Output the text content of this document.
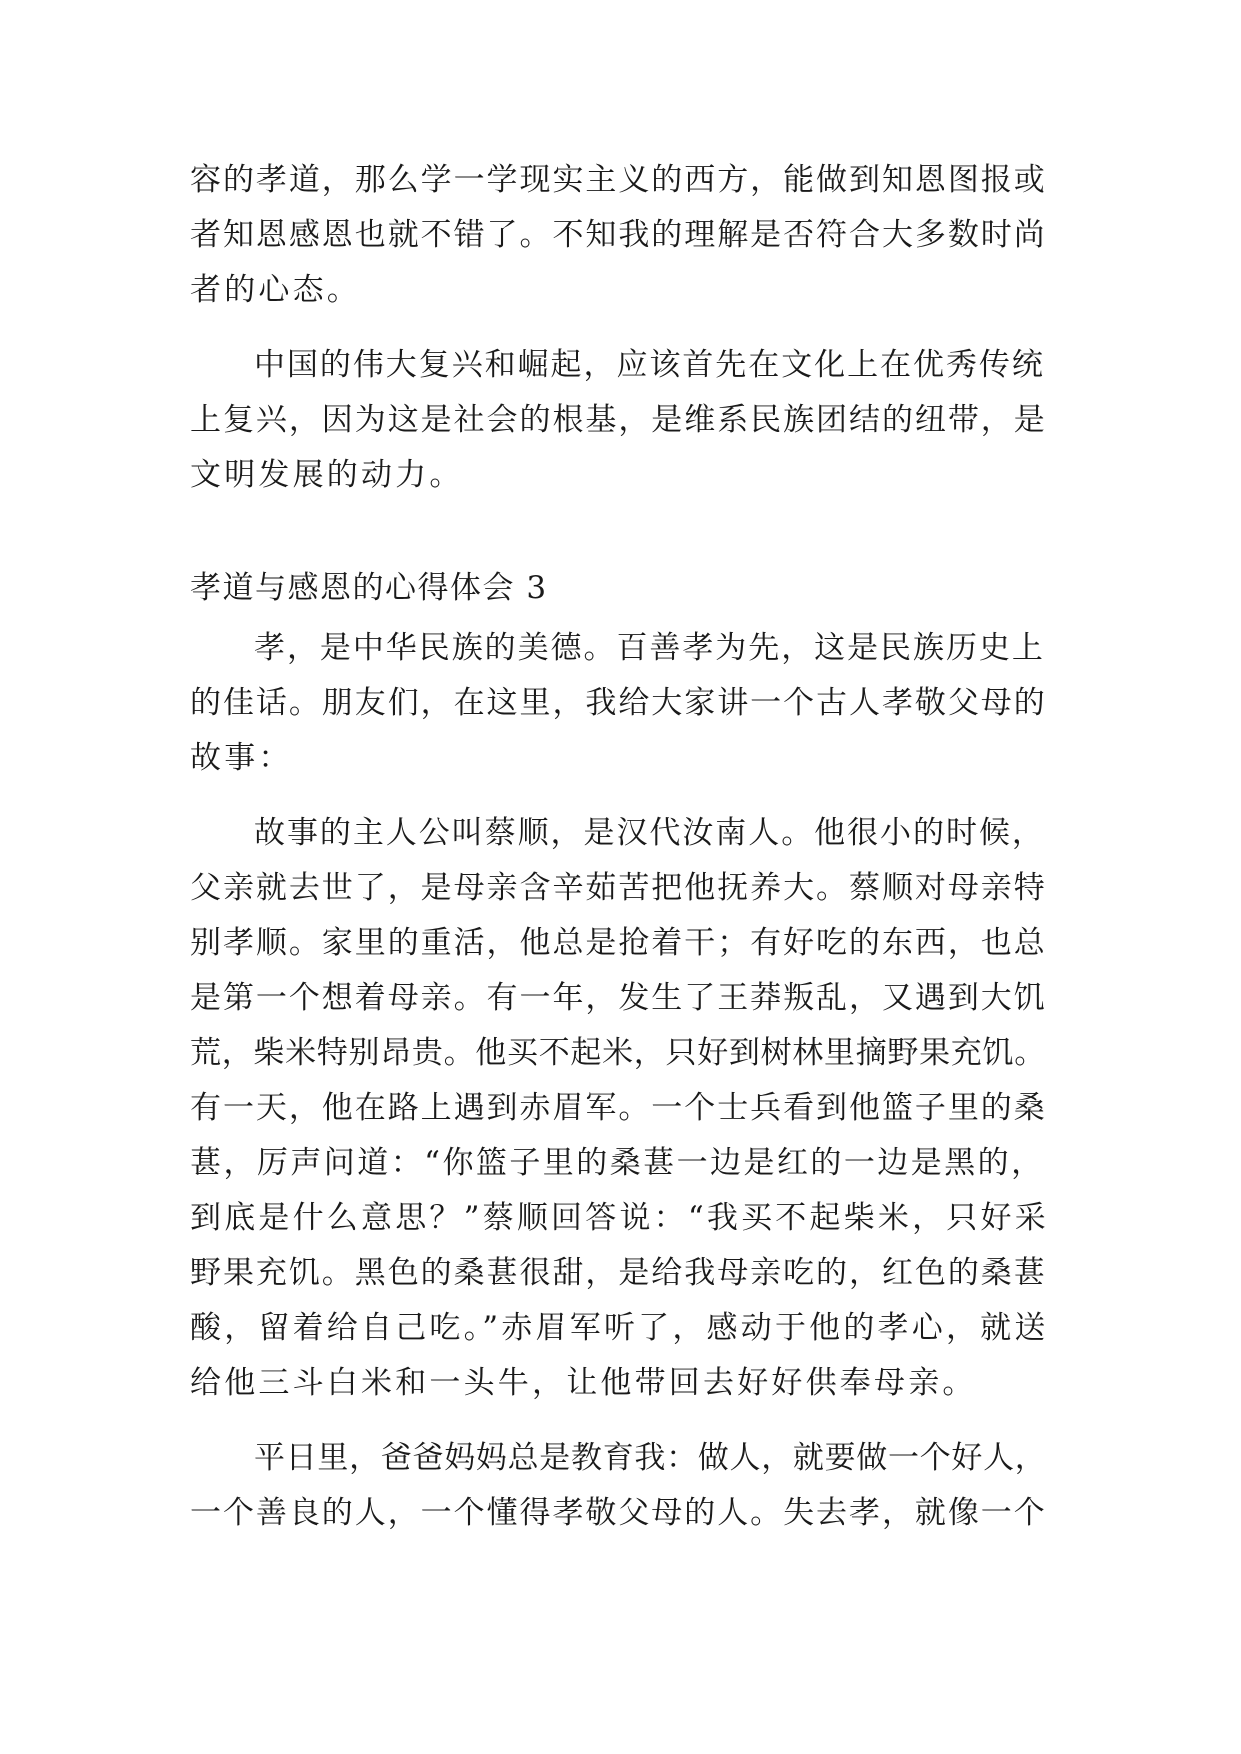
容的孝道，那么学一学现实主义的西方，能做到知恩图报或
者知恩感恩也就不错了。不知我的理解是否符合大多数时尚
者的心态。
中国的伟大复兴和崛起，应该首先在文化上在优秀传统
上复兴，因为这是社会的根基，是维系民族团结的纽带，是
文明发展的动力。
孝道与感恩的心得体会 3
孝，是中华民族的美德。百善孝为先，这是民族历史上
的佳话。朋友们，在这里，我给大家讲一个古人孝敬父母的
故事：
故事的主人公叫蔡顺，是汉代汝南人。他很小的时候，
父亲就去世了，是母亲含辛茹苦把他抚养大。蔡顺对母亲特
别孝顺。家里的重活，他总是抢着干；有好吃的东西，也总
是第一个想着母亲。有一年，发生了王莽叛乱，又遇到大饥
荒，柴米特别昂贵。他买不起米，只好到树林里摘野果充饥。
有一天，他在路上遇到赤眉军。一个士兵看到他篮子里的桑
葚，厉声问道：“你篮子里的桑葚一边是红的一边是黑的，
到底是什么意思？”蔡顺回答说：“我买不起柴米，只好采
野果充饥。黑色的桑葚很甜，是给我母亲吃的，红色的桑葚
酸，留着给自己吃。”赤眉军听了，感动于他的孝心，就送
给他三斗白米和一头牛，让他带回去好好供奉母亲。
平日里，爸爸妈妈总是教育我：做人，就要做一个好人，
一个善良的人，一个懂得孝敬父母的人。失去孝，就像一个
